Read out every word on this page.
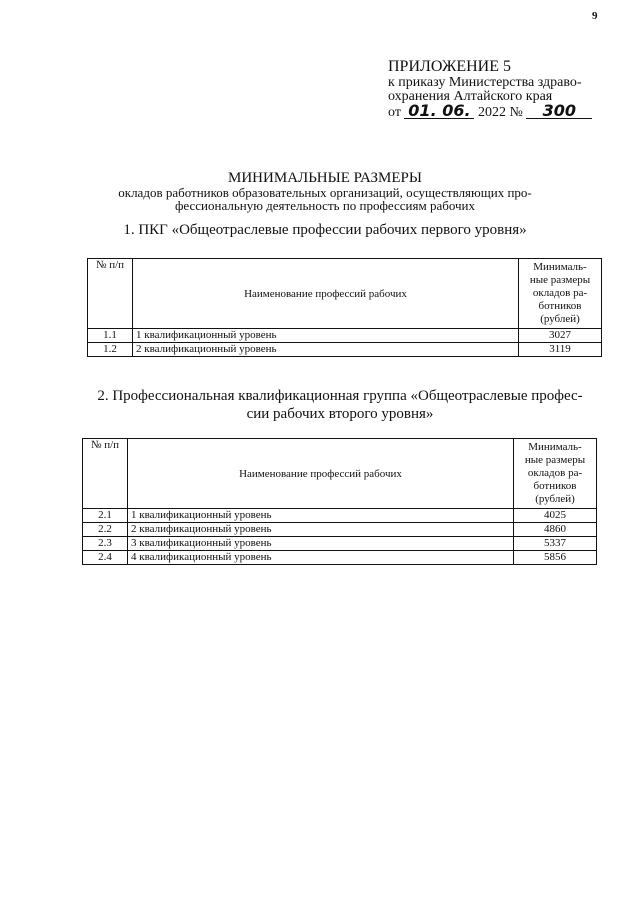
9
ПРИЛОЖЕНИЕ 5
к приказу Министерства здраво-
охранения Алтайского края
от 01. 06. 2022 № 300
МИНИМАЛЬНЫЕ РАЗМЕРЫ
окладов работников образовательных организаций, осуществляющих про-
фессиональную деятельность по профессиям рабочих
1. ПКГ «Общеотраслевые профессии рабочих первого уровня»
№ п/п	Наименование профессий рабочих	Минималь-
ные размеры
окладов ра-
ботников
(рублей)

1.1	1 квалификационный уровень	3027
1.2	2 квалификационный уровень	3119
2. Профессиональная квалификационная группа «Общеотраслевые профес-
сии рабочих второго уровня»
№ п/п	Наименование профессий рабочих	Минималь-
ные размеры
окладов ра-
ботников
(рублей)

2.1	1 квалификационный уровень	4025
2.2	2 квалификационный уровень	4860
2.3	3 квалификационный уровень	5337
2.4	4 квалификационный уровень	5856
